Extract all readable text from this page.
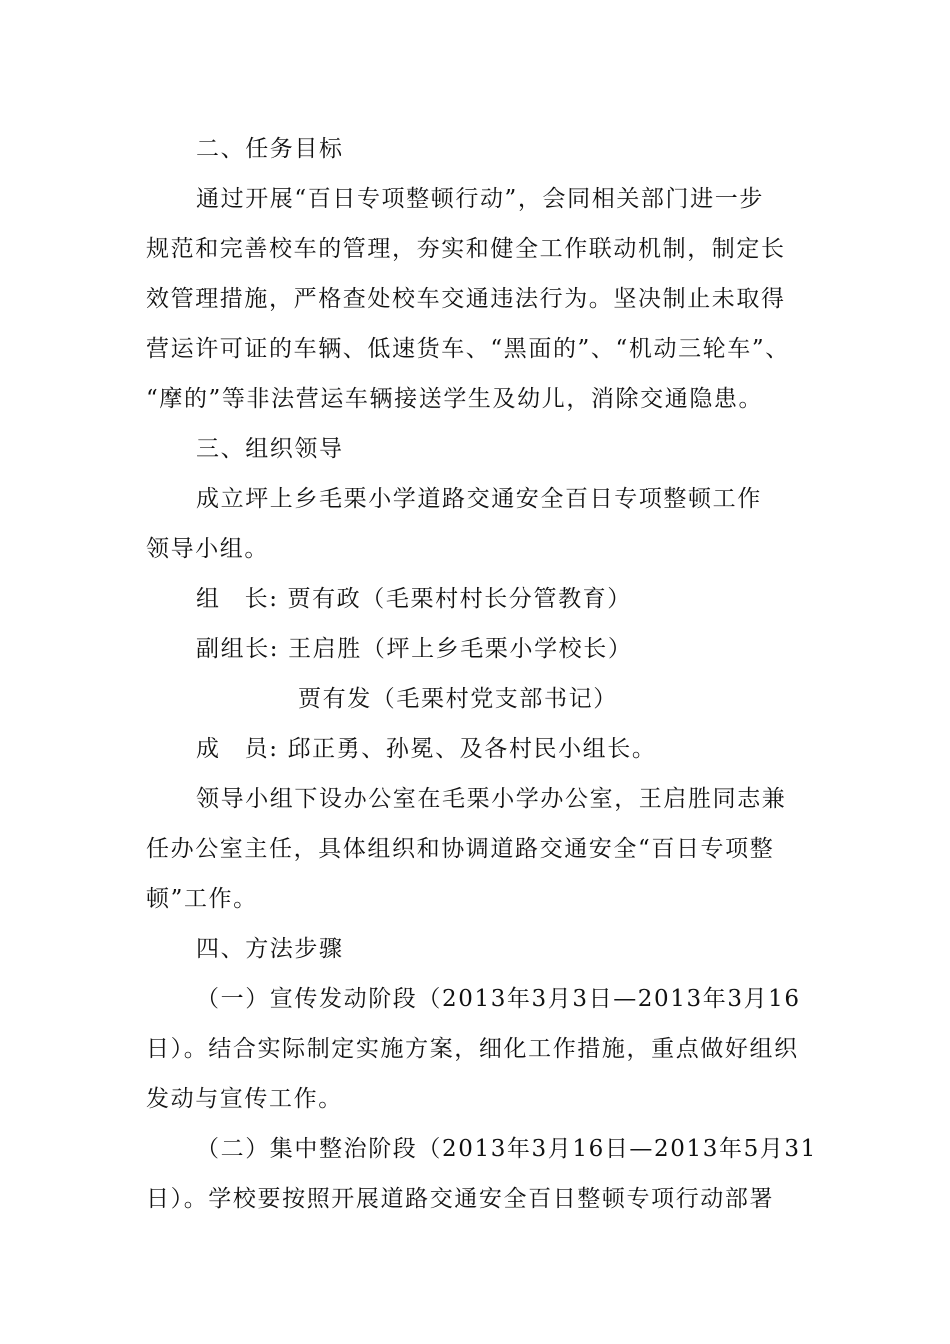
二、任务目标
通过开展“百日专项整顿行动”，会同相关部门进一步
规范和完善校车的管理，夯实和健全工作联动机制，制定长
效管理措施，严格查处校车交通违法行为。坚决制止未取得
营运许可证的车辆、低速货车、“黑面的”、“机动三轮车”、
“摩的”等非法营运车辆接送学生及幼儿，消除交通隐患。
三、组织领导
成立坪上乡毛栗小学道路交通安全百日专项整顿工作
领导小组。
组 长: 贾有政（毛栗村村长分管教育）
副组长: 王启胜（坪上乡毛栗小学校长）
贾有发（毛栗村党支部书记）
成 员: 邱正勇、孙冕、及各村民小组长。
领导小组下设办公室在毛栗小学办公室，王启胜同志兼
任办公室主任，具体组织和协调道路交通安全“百日专项整
顿”工作。
四、方法步骤
（一）宣传发动阶段（2013年3月3日—2013年3月16
日）。结合实际制定实施方案，细化工作措施，重点做好组织
发动与宣传工作。
（二）集中整治阶段（2013年3月16日—2013年5月31
日）。学校要按照开展道路交通安全百日整顿专项行动部署
